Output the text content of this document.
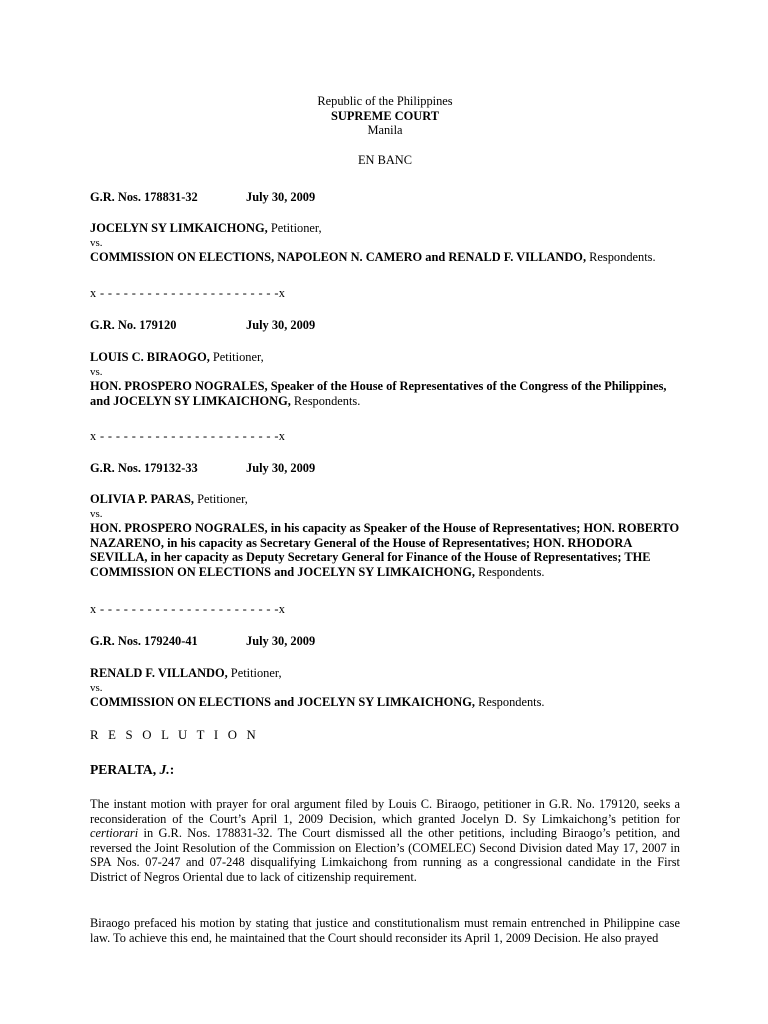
Republic of the Philippines
SUPREME COURT
Manila
EN BANC
G.R. Nos. 178831-32	July 30, 2009
JOCELYN SY LIMKAICHONG, Petitioner,
vs.
COMMISSION ON ELECTIONS, NAPOLEON N. CAMERO and RENALD F. VILLANDO, Respondents.
x - - - - - - - - - - - - - - - - - - - - - - -x
G.R. No. 179120	July 30, 2009
LOUIS C. BIRAOGO, Petitioner,
vs.
HON. PROSPERO NOGRALES, Speaker of the House of Representatives of the Congress of the Philippines, and JOCELYN SY LIMKAICHONG, Respondents.
x - - - - - - - - - - - - - - - - - - - - - - -x
G.R. Nos. 179132-33	July 30, 2009
OLIVIA P. PARAS, Petitioner,
vs.
HON. PROSPERO NOGRALES, in his capacity as Speaker of the House of Representatives; HON. ROBERTO NAZARENO, in his capacity as Secretary General of the House of Representatives; HON. RHODORA SEVILLA, in her capacity as Deputy Secretary General for Finance of the House of Representatives; THE COMMISSION ON ELECTIONS and JOCELYN SY LIMKAICHONG, Respondents.
x - - - - - - - - - - - - - - - - - - - - - - -x
G.R. Nos. 179240-41	July 30, 2009
RENALD F. VILLANDO, Petitioner,
vs.
COMMISSION ON ELECTIONS and JOCELYN SY LIMKAICHONG, Respondents.
R E S O L U T I O N
PERALTA, J.:

The instant motion with prayer for oral argument filed by Louis C. Biraogo, petitioner in G.R. No. 179120, seeks a reconsideration of the Court’s April 1, 2009 Decision, which granted Jocelyn D. Sy Limkaichong’s petition for certiorari in G.R. Nos. 178831-32. The Court dismissed all the other petitions, including Biraogo’s petition, and reversed the Joint Resolution of the Commission on Election’s (COMELEC) Second Division dated May 17, 2007 in SPA Nos. 07-247 and 07-248 disqualifying Limkaichong from running as a congressional candidate in the First District of Negros Oriental due to lack of citizenship requirement.

Biraogo prefaced his motion by stating that justice and constitutionalism must remain entrenched in Philippine case law. To achieve this end, he maintained that the Court should reconsider its April 1, 2009 Decision. He also prayed
